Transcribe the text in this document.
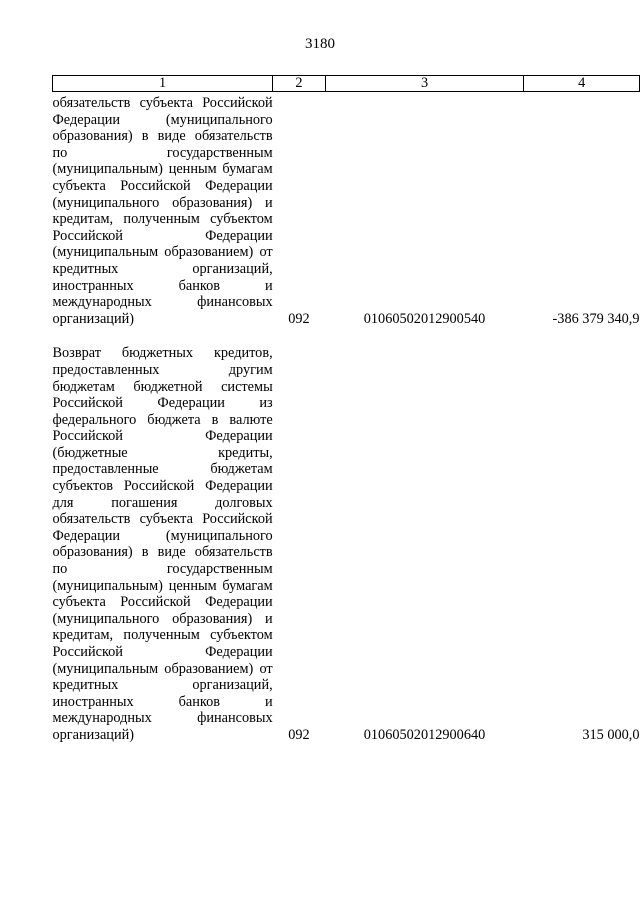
3180
1	2	3	4
обязательств субъекта Российской Федерации (муниципального образования) в виде обязательств по государственным (муниципальным) ценным бумагам субъекта Российской Федерации (муниципального образования) и кредитам, полученным субъектом Российской Федерации (муниципальным образованием) от кредитных организаций, иностранных банков и международных финансовых организаций)	092	01060502012900540	-386 379 340,9
Возврат бюджетных кредитов, предоставленных другим бюджетам бюджетной системы Российской Федерации из федерального бюджета в валюте Российской Федерации (бюджетные кредиты, предоставленные бюджетам субъектов Российской Федерации для погашения долговых обязательств субъекта Российской Федерации (муниципального образования) в виде обязательств по государственным (муниципальным) ценным бумагам субъекта Российской Федерации (муниципального образования) и кредитам, полученным субъектом Российской Федерации (муниципальным образованием) от кредитных организаций, иностранных банков и международных финансовых организаций)	092	01060502012900640	315 000,0
